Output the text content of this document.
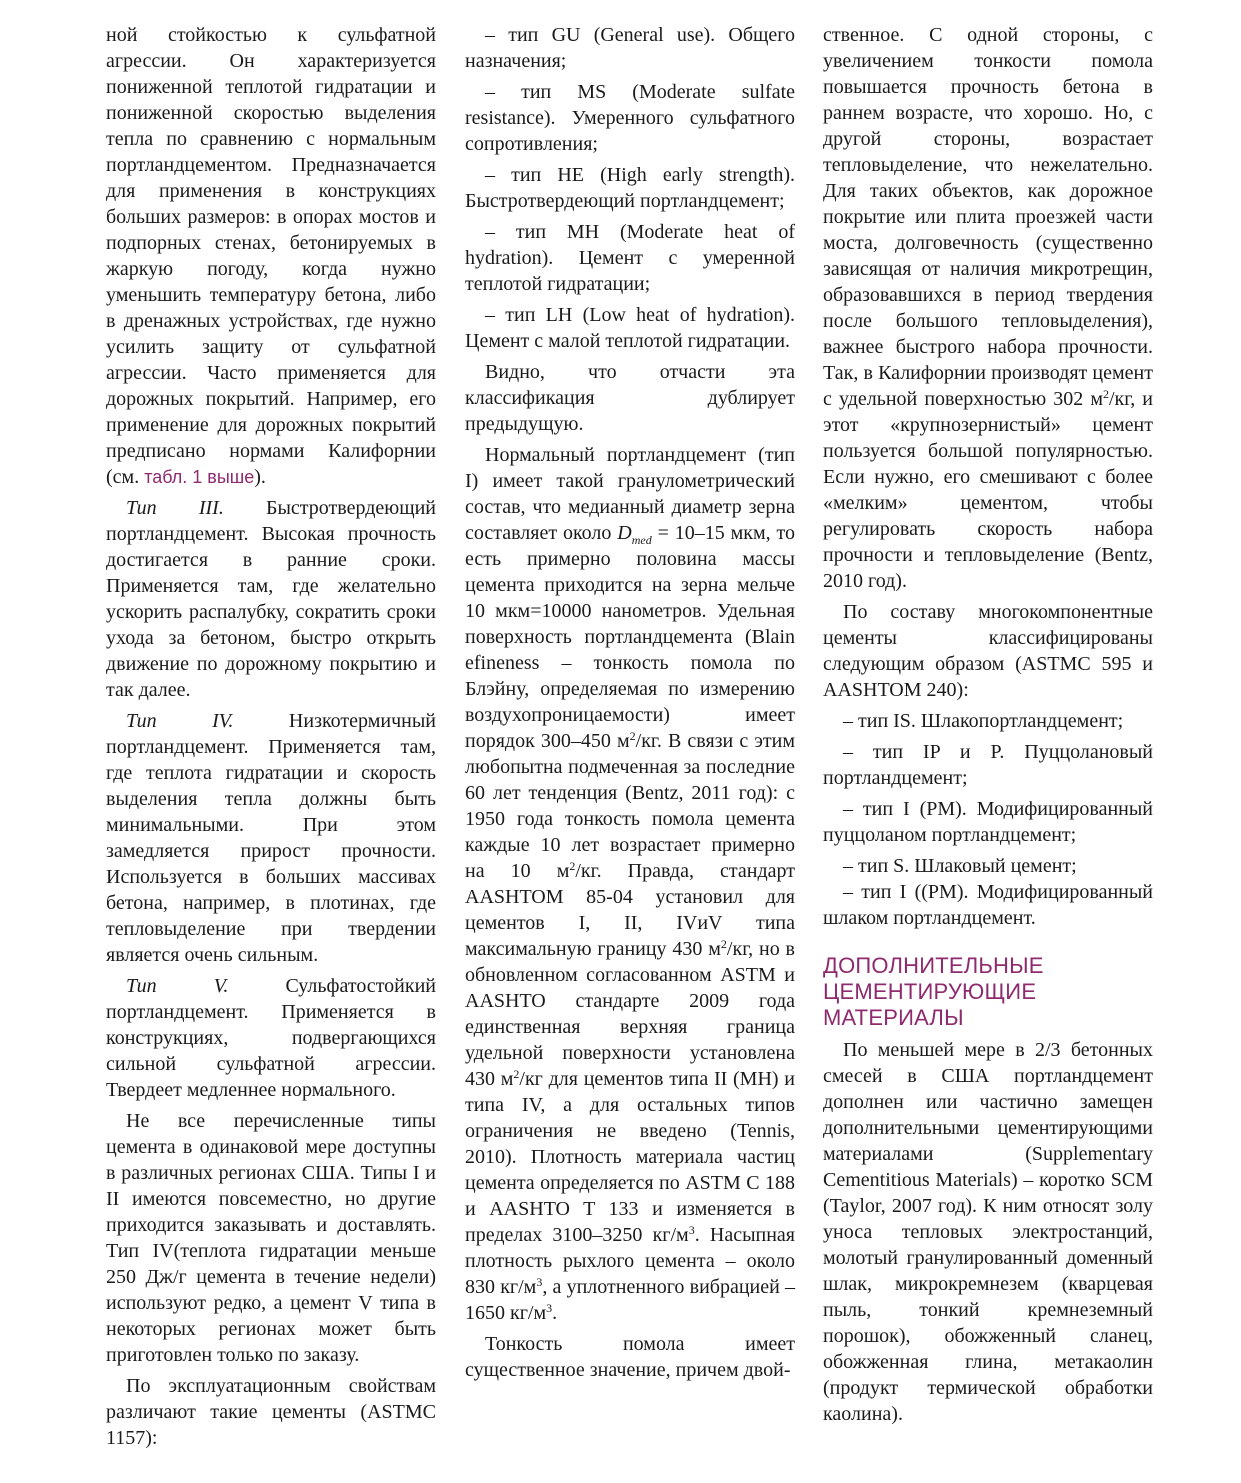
ной стойкостью к сульфатной агрессии. Он характеризуется пониженной теплотой гидратации и пониженной скоростью выделения тепла по сравнению с нормальным портландцементом. Предназначается для применения в конструкциях больших размеров: в опорах мостов и подпорных стенах, бетонируемых в жаркую погоду, когда нужно уменьшить температуру бетона, либо в дренажных устройствах, где нужно усилить защиту от сульфатной агрессии. Часто применяется для дорожных покрытий. Например, его применение для дорожных покрытий предписано нормами Калифорнии (см. табл. 1 выше).

Тип III. Быстротвердеющий портландцемент. Высокая прочность достигается в ранние сроки. Применяется там, где желательно ускорить распалубку, сократить сроки ухода за бетоном, быстро открыть движение по дорожному покрытию и так далее.

Тип IV. Низкотермичный портландцемент. Применяется там, где теплота гидратации и скорость выделения тепла должны быть минимальными. При этом замедляется прирост прочности. Используется в больших массивах бетона, например, в плотинах, где тепловыделение при твердении является очень сильным.

Тип V. Сульфатостойкий портландцемент. Применяется в конструкциях, подвергающихся сильной сульфатной агрессии. Твердеет медленнее нормального.

Не все перечисленные типы цемента в одинаковой мере доступны в различных регионах США. Типы I и II имеются повсеместно, но другие приходится заказывать и доставлять. Тип IV(теплота гидратации меньше 250 Дж/г цемента в течение недели) используют редко, а цемент V типа в некоторых регионах может быть приготовлен только по заказу.

По эксплуатационным свойствам различают такие цементы (ASTMC 1157):

– тип GU (General use). Общего назначения;

– тип MS (Moderate sulfate resistance). Умеренного сульфатного сопротивления;

– тип HE (High early strength). Быстротвердеющий портландцемент;

– тип MH (Moderate heat of hydration). Цемент с умеренной теплотой гидратации;

– тип LH (Low heat of hydration). Цемент с малой теплотой гидратации.

Видно, что отчасти эта классификация дублирует предыдущую.

Нормальный портландцемент (тип I) имеет такой гранулометрический состав, что медианный диаметр зерна составляет около $D_{med} = 10-15$ мкм, то есть примерно половина массы цемента приходится на зерна мельче 10 мкм=10000 нанометров. Удельная поверхность портландцемента (Blain efineness – тонкость помола по Блэйну, определяемая по измерению воздухопроницаемости) имеет порядок 300–450 $м^2/кг$. В связи с этим любопытна подмеченная за последние 60 лет тенденция (Bentz, 2011 год): с 1950 года тонкость помола цемента каждые 10 лет возрастает примерно на 10 $м^2/кг$. Правда, стандарт AASHTOM 85-04 установил для цементов I, II, IVиV типа максимальную границу 430 $м^2/кг$, но в обновленном согласованном ASTM и AASHTO стандарте 2009 года единственная верхняя граница удельной поверхности установлена 430 $м^2/кг$ для цементов типа II (MH) и типа IV, а для остальных типов ограничения не введено (Tennis, 2010). Плотность материала частиц цемента определяется по ASTM C 188 и AASHTO T 133 и изменяется в пределах 3100–3250 $кг/м^3$. Насыпная плотность рыхлого цемента – около 830 $кг/м^3$, а уплотненного вибрацией – 1650 $кг/м^3$.

Тонкость помола имеет существенное значение, причем двой-

ственное. С одной стороны, с увеличением тонкости помола повышается прочность бетона в раннем возрасте, что хорошо. Но, с другой стороны, возрастает тепловыделение, что нежелательно. Для таких объектов, как дорожное покрытие или плита проезжей части моста, долговечность (существенно зависящая от наличия микротрещин, образовавшихся в период твердения после большого тепловыделения), важнее быстрого набора прочности. Так, в Калифорнии производят цемент с удельной поверхностью 302 $м^2/кг$, и этот «крупнозернистый» цемент пользуется большой популярностью. Если нужно, его смешивают с более «мелким» цементом, чтобы регулировать скорость набора прочности и тепловыделение (Bentz, 2010 год).

По составу многокомпонентные цементы классифицированы следующим образом (ASTMC 595 и AASHTOM 240):

– тип IS. Шлакопортландцемент;

– тип IP и P. Пуццолановый портландцемент;

– тип I (PM). Модифицированный пуццоланом портландцемент;

– тип S. Шлаковый цемент;

– тип I ((PM). Модифицированный шлаком портландцемент.

ДОПОЛНИТЕЛЬНЫЕ
ЦЕМЕНТИРУЮЩИЕ
МАТЕРИАЛЫ

По меньшей мере в 2/3 бетонных смесей в США портландцемент дополнен или частично замещен дополнительными цементирующими материалами (Supplementary Cementitious Materials) – коротко SCM (Taylor, 2007 год). К ним относят золу уноса тепловых электростанций, молотый гранулированный доменный шлак, микрокремнезем (кварцевая пыль, тонкий кремнеземный порошок), обожженный сланец, обожженная глина, метакаолин (продукт термической обработки каолина).
